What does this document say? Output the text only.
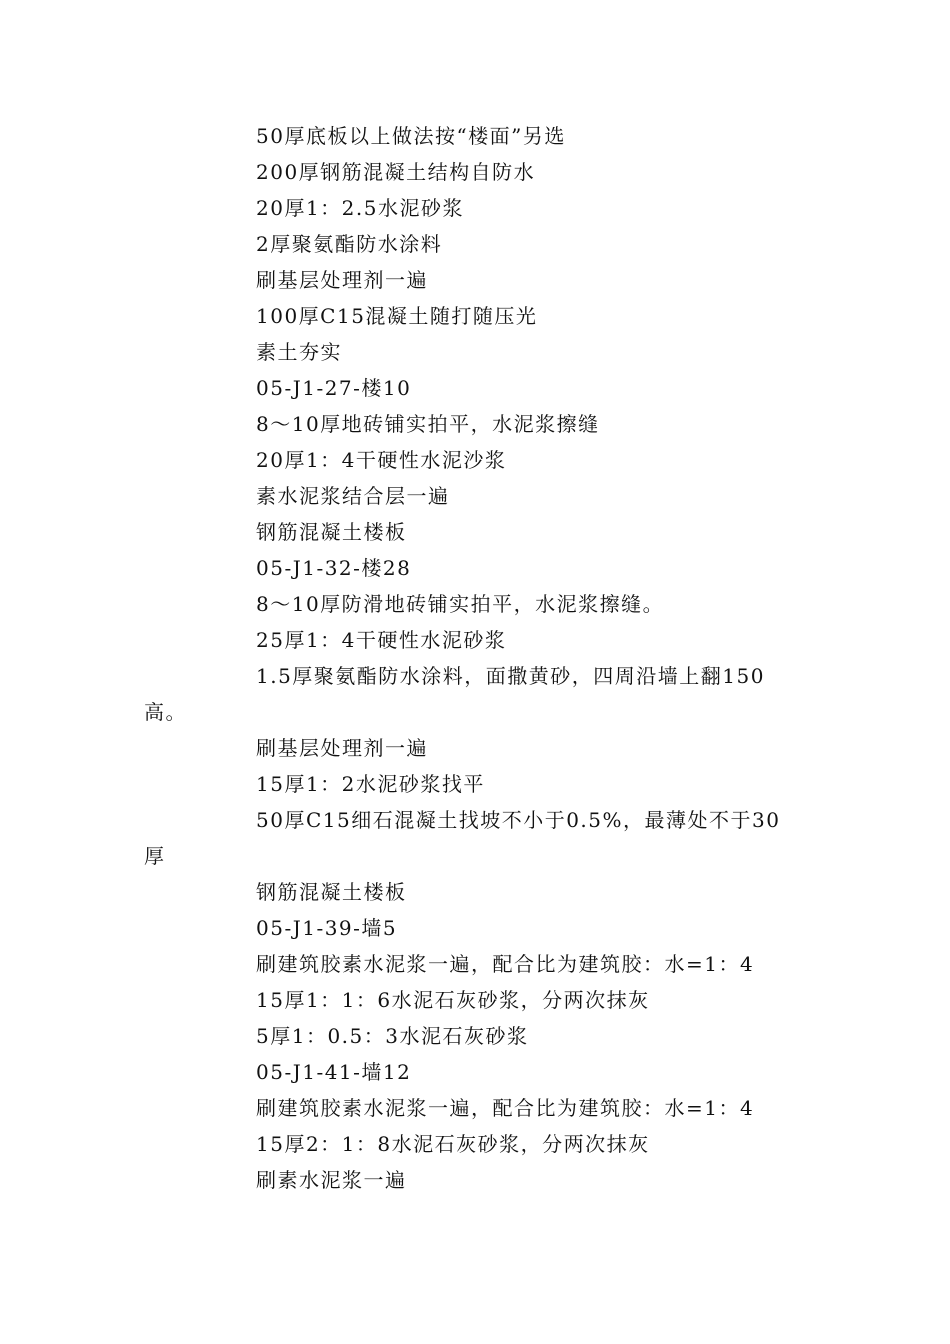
50厚底板以上做法按“楼面”另选
200厚钢筋混凝土结构自防水
20厚1：2.5水泥砂浆
2厚聚氨酯防水涂料
刷基层处理剂一遍
100厚C15混凝土随打随压光
素土夯实
05-J1-27-楼10
8～10厚地砖铺实拍平，水泥浆擦缝
20厚1：4干硬性水泥沙浆
素水泥浆结合层一遍
钢筋混凝土楼板
05-J1-32-楼28
8～10厚防滑地砖铺实拍平，水泥浆擦缝。
25厚1：4干硬性水泥砂浆
1.5厚聚氨酯防水涂料，面撒黄砂，四周沿墙上翻150
高。
刷基层处理剂一遍
15厚1：2水泥砂浆找平
50厚C15细石混凝土找坡不小于0.5%，最薄处不于30
厚
钢筋混凝土楼板
05-J1-39-墙5
刷建筑胶素水泥浆一遍，配合比为建筑胶：水=1：4
15厚1：1：6水泥石灰砂浆，分两次抹灰
5厚1：0.5：3水泥石灰砂浆
05-J1-41-墙12
刷建筑胶素水泥浆一遍，配合比为建筑胶：水=1：4
15厚2：1：8水泥石灰砂浆，分两次抹灰
刷素水泥浆一遍
